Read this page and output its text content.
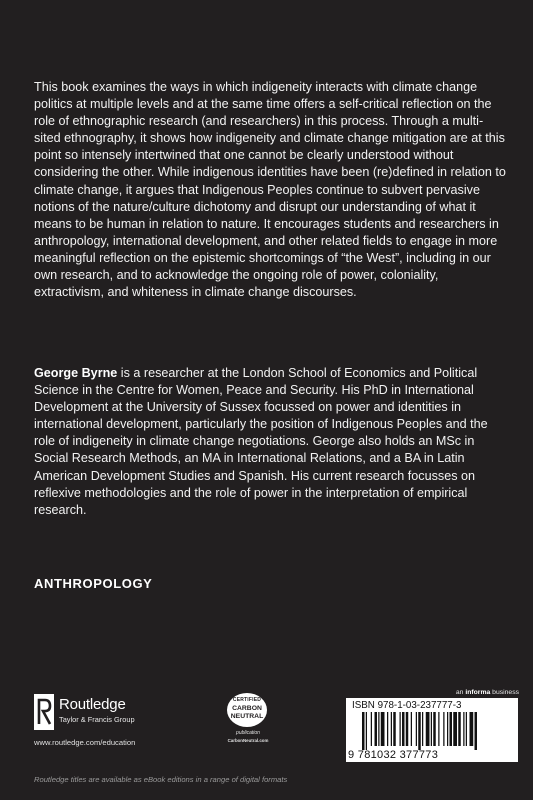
This book examines the ways in which indigeneity interacts with climate change politics at multiple levels and at the same time offers a self-critical reflection on the role of ethnographic research (and researchers) in this process. Through a multi-sited ethnography, it shows how indigeneity and climate change mitigation are at this point so intensely intertwined that one cannot be clearly understood without considering the other. While indigenous identities have been (re)defined in relation to climate change, it argues that Indigenous Peoples continue to subvert pervasive notions of the nature/culture dichotomy and disrupt our understanding of what it means to be human in relation to nature. It encourages students and researchers in anthropology, international development, and other related fields to engage in more meaningful reflection on the epistemic shortcomings of “the West”, including in our own research, and to acknowledge the ongoing role of power, coloniality, extractivism, and whiteness in climate change discourses.

George Byrne is a researcher at the London School of Economics and Political Science in the Centre for Women, Peace and Security. His PhD in International Development at the University of Sussex focussed on power and identities in international development, particularly the position of Indigenous Peoples and the role of indigeneity in climate change negotiations. George also holds an MSc in Social Research Methods, an MA in International Relations, and a BA in Latin American Development Studies and Spanish. His current research focusses on reflexive methodologies and the role of power in the interpretation of empirical research.

ANTHROPOLOGY
Routledge
Taylor & Francis Group
www.routledge.com/education
CERTIFIED
CARBON
NEUTRAL
publication
CarbonNeutral.com
an informa business
ISBN 978-1-03-237777-3
9 781032 377773
Routledge titles are available as eBook editions in a range of digital formats
